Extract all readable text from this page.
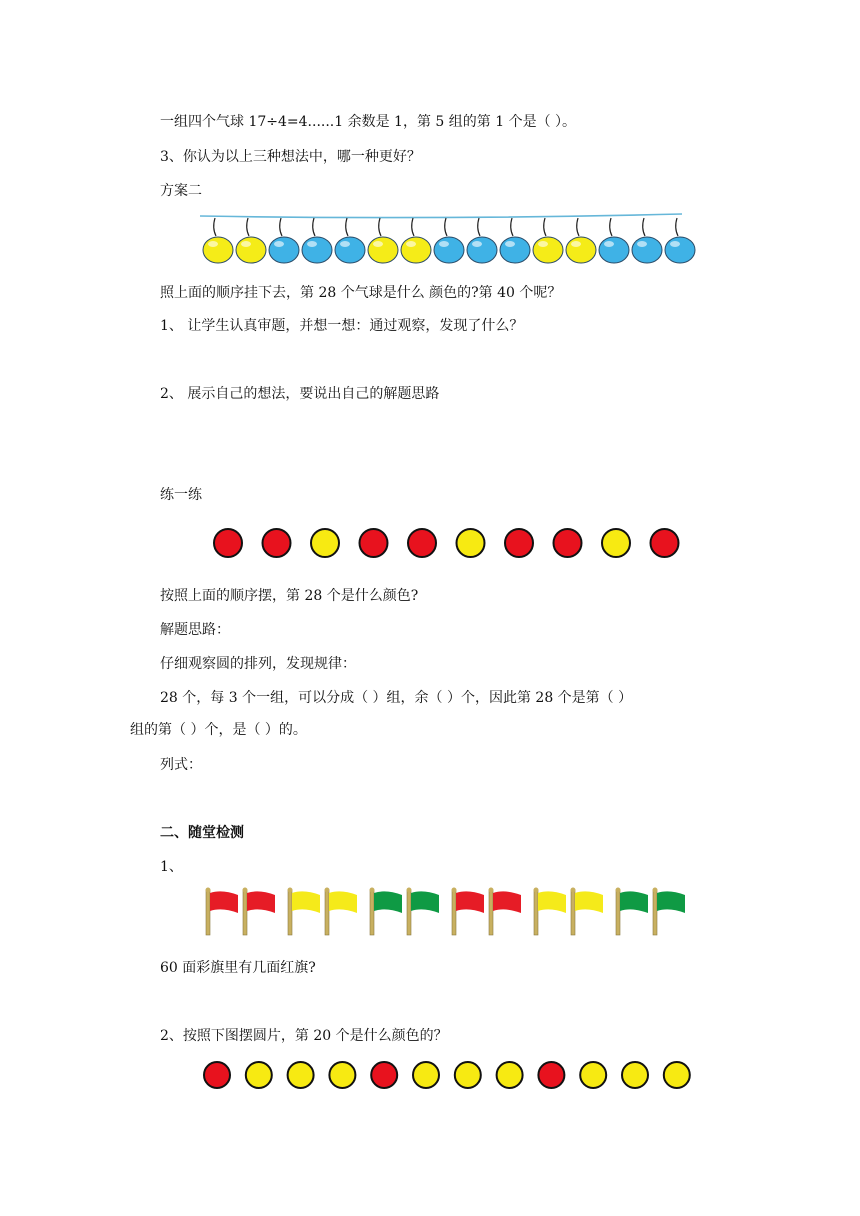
一组四个气球 17÷4=4......1 余数是 1，第 5 组的第 1 个是（ ）。
3、你认为以上三种想法中，哪一种更好？
方案二
照上面的顺序挂下去，第 28 个气球是什么 颜色的?第 40 个呢？
1、 让学生认真审题，并想一想：通过观察，发现了什么？
2、 展示自己的想法，要说出自己的解题思路
练一练
按照上面的顺序摆，第 28 个是什么颜色?
解题思路：
仔细观察圆的排列，发现规律：
28 个，每 3 个一组，可以分成（ ）组，余（ ）个，因此第 28 个是第（ ）
组的第（ ）个，是（ ）的。
列式：
二、随堂检测
1、
60 面彩旗里有几面红旗?
2、按照下图摆圆片，第 20 个是什么颜色的？
